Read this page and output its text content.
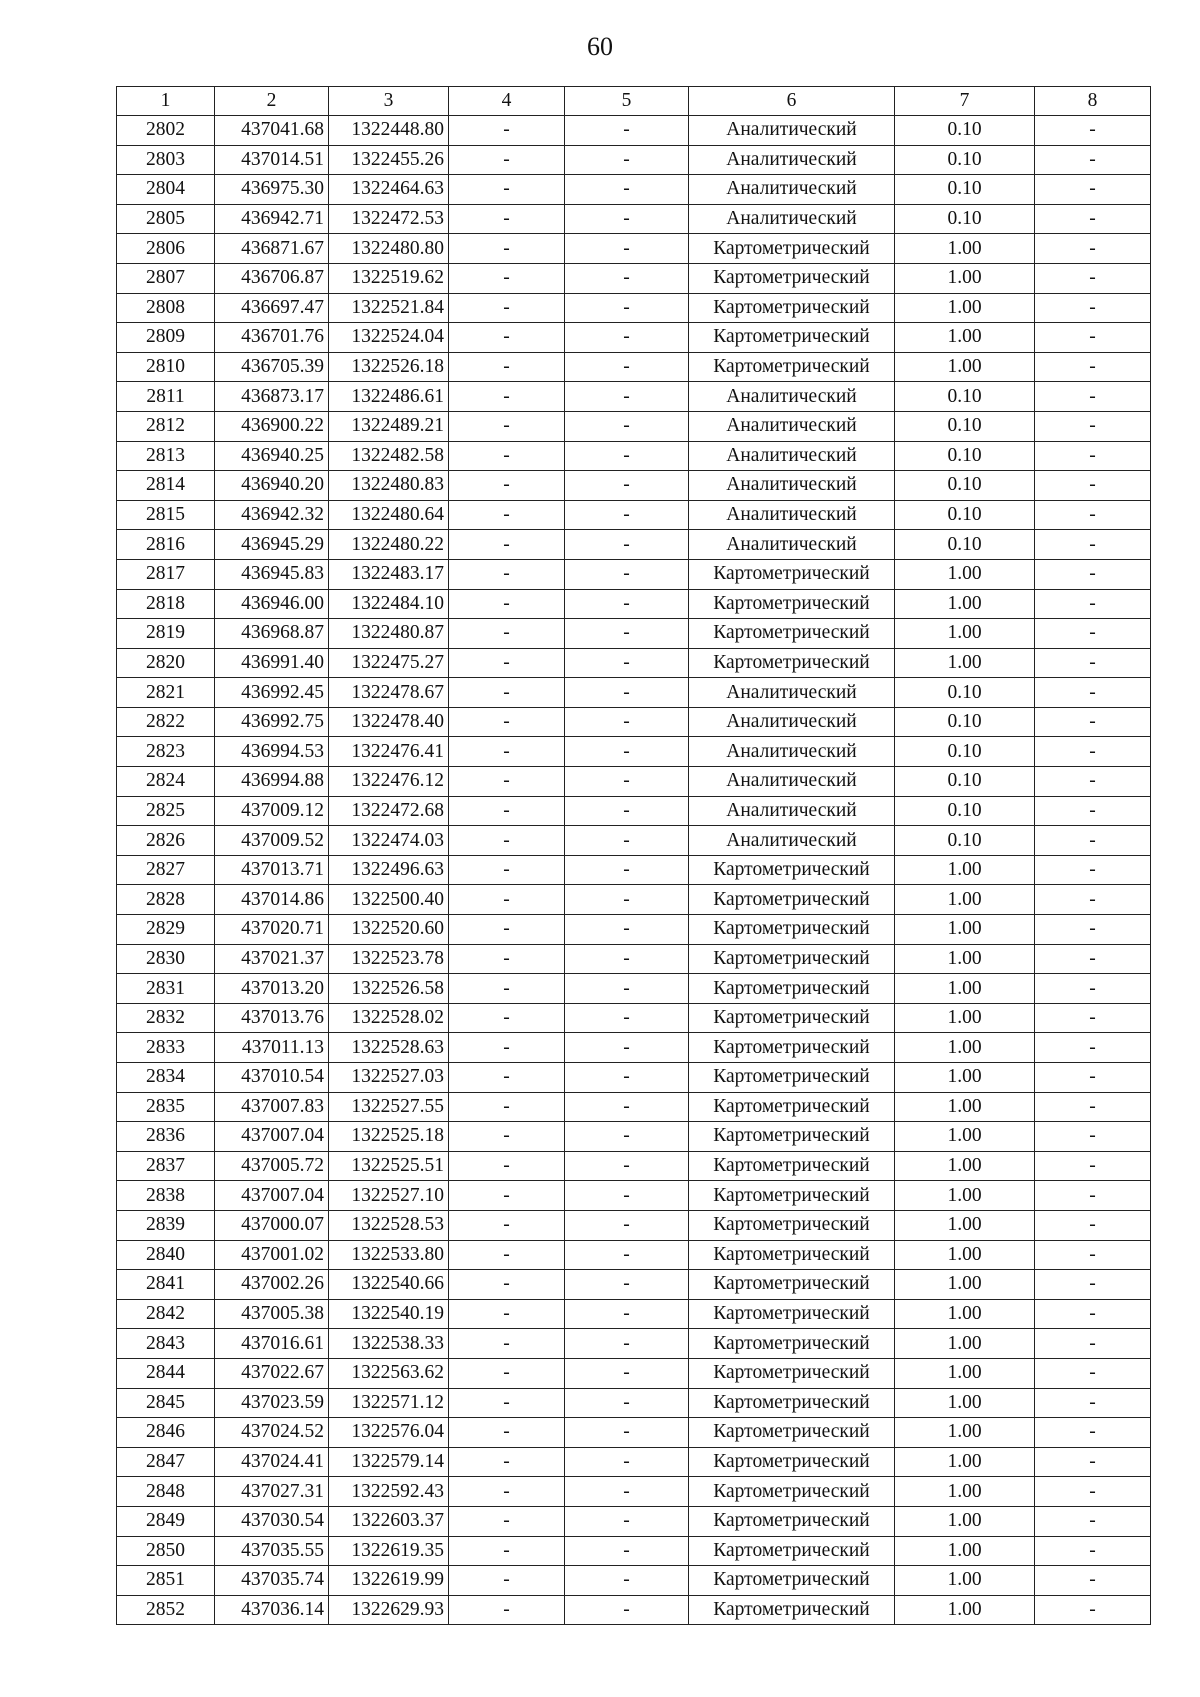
60
1	2	3	4	5	6	7	8
2802	437041.68	1322448.80	-	-	Аналитический	0.10	-
2803	437014.51	1322455.26	-	-	Аналитический	0.10	-
2804	436975.30	1322464.63	-	-	Аналитический	0.10	-
2805	436942.71	1322472.53	-	-	Аналитический	0.10	-
2806	436871.67	1322480.80	-	-	Картометрический	1.00	-
2807	436706.87	1322519.62	-	-	Картометрический	1.00	-
2808	436697.47	1322521.84	-	-	Картометрический	1.00	-
2809	436701.76	1322524.04	-	-	Картометрический	1.00	-
2810	436705.39	1322526.18	-	-	Картометрический	1.00	-
2811	436873.17	1322486.61	-	-	Аналитический	0.10	-
2812	436900.22	1322489.21	-	-	Аналитический	0.10	-
2813	436940.25	1322482.58	-	-	Аналитический	0.10	-
2814	436940.20	1322480.83	-	-	Аналитический	0.10	-
2815	436942.32	1322480.64	-	-	Аналитический	0.10	-
2816	436945.29	1322480.22	-	-	Аналитический	0.10	-
2817	436945.83	1322483.17	-	-	Картометрический	1.00	-
2818	436946.00	1322484.10	-	-	Картометрический	1.00	-
2819	436968.87	1322480.87	-	-	Картометрический	1.00	-
2820	436991.40	1322475.27	-	-	Картометрический	1.00	-
2821	436992.45	1322478.67	-	-	Аналитический	0.10	-
2822	436992.75	1322478.40	-	-	Аналитический	0.10	-
2823	436994.53	1322476.41	-	-	Аналитический	0.10	-
2824	436994.88	1322476.12	-	-	Аналитический	0.10	-
2825	437009.12	1322472.68	-	-	Аналитический	0.10	-
2826	437009.52	1322474.03	-	-	Аналитический	0.10	-
2827	437013.71	1322496.63	-	-	Картометрический	1.00	-
2828	437014.86	1322500.40	-	-	Картометрический	1.00	-
2829	437020.71	1322520.60	-	-	Картометрический	1.00	-
2830	437021.37	1322523.78	-	-	Картометрический	1.00	-
2831	437013.20	1322526.58	-	-	Картометрический	1.00	-
2832	437013.76	1322528.02	-	-	Картометрический	1.00	-
2833	437011.13	1322528.63	-	-	Картометрический	1.00	-
2834	437010.54	1322527.03	-	-	Картометрический	1.00	-
2835	437007.83	1322527.55	-	-	Картометрический	1.00	-
2836	437007.04	1322525.18	-	-	Картометрический	1.00	-
2837	437005.72	1322525.51	-	-	Картометрический	1.00	-
2838	437007.04	1322527.10	-	-	Картометрический	1.00	-
2839	437000.07	1322528.53	-	-	Картометрический	1.00	-
2840	437001.02	1322533.80	-	-	Картометрический	1.00	-
2841	437002.26	1322540.66	-	-	Картометрический	1.00	-
2842	437005.38	1322540.19	-	-	Картометрический	1.00	-
2843	437016.61	1322538.33	-	-	Картометрический	1.00	-
2844	437022.67	1322563.62	-	-	Картометрический	1.00	-
2845	437023.59	1322571.12	-	-	Картометрический	1.00	-
2846	437024.52	1322576.04	-	-	Картометрический	1.00	-
2847	437024.41	1322579.14	-	-	Картометрический	1.00	-
2848	437027.31	1322592.43	-	-	Картометрический	1.00	-
2849	437030.54	1322603.37	-	-	Картометрический	1.00	-
2850	437035.55	1322619.35	-	-	Картометрический	1.00	-
2851	437035.74	1322619.99	-	-	Картометрический	1.00	-
2852	437036.14	1322629.93	-	-	Картометрический	1.00	-
